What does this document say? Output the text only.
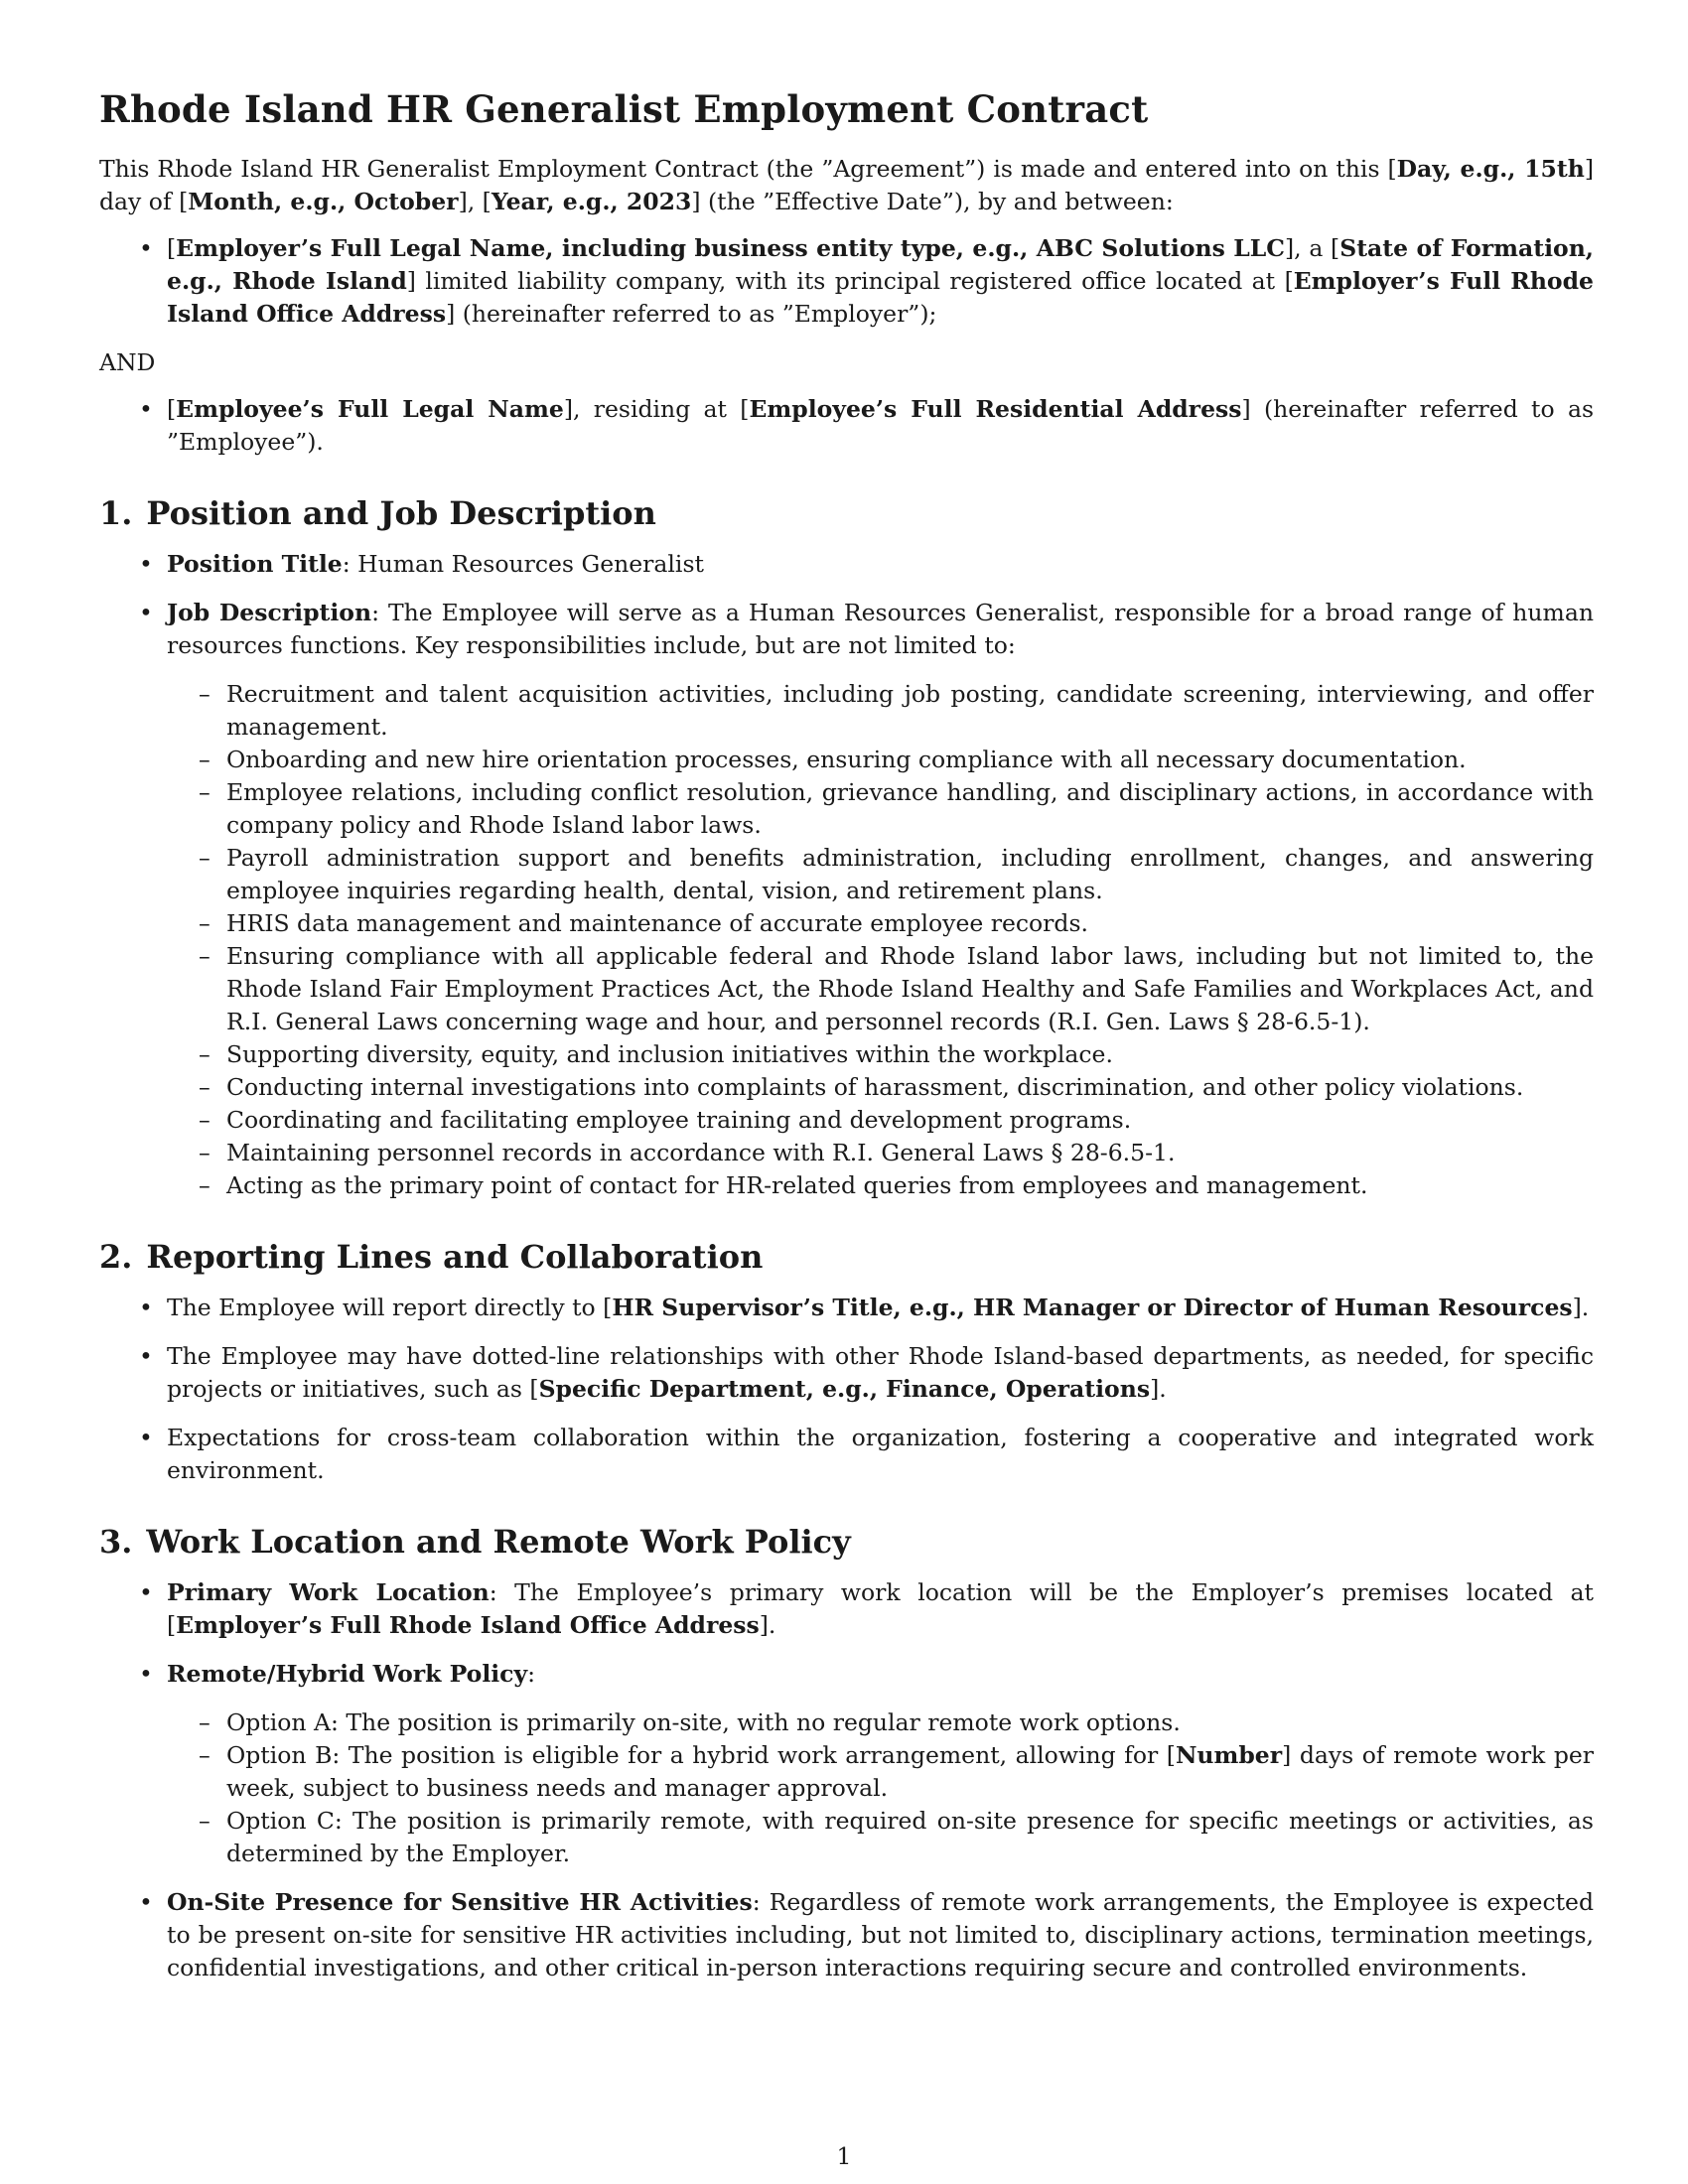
Rhode Island HR Generalist Employment Contract

This Rhode Island HR Generalist Employment Contract (the ”Agreement”) is made and entered into on this [Day, e.g., 15th] day of [Month, e.g., October], [Year, e.g., 2023] (the ”Effective Date”), by and between:

• [Employer’s Full Legal Name, including business entity type, e.g., ABC Solutions LLC], a [State of Formation, e.g., Rhode Island] limited liability company, with its principal registered office located at [Employer’s Full Rhode Island Office Address] (hereinafter referred to as ”Employer”);

AND

• [Employee’s Full Legal Name], residing at [Employee’s Full Residential Address] (hereinafter referred to as ”Employee”).
1. Position and Job Description
• Position Title: Human Resources Generalist
• Job Description: The Employee will serve as a Human Resources Generalist, responsible for a broad range of human resources functions. Key responsibilities include, but are not limited to:
– Recruitment and talent acquisition activities, including job posting, candidate screening, interviewing, and offer management.
– Onboarding and new hire orientation processes, ensuring compliance with all necessary documentation.
– Employee relations, including conflict resolution, grievance handling, and disciplinary actions, in accordance with company policy and Rhode Island labor laws.
– Payroll administration support and benefits administration, including enrollment, changes, and answering employee inquiries regarding health, dental, vision, and retirement plans.
– HRIS data management and maintenance of accurate employee records.
– Ensuring compliance with all applicable federal and Rhode Island labor laws, including but not limited to, the Rhode Island Fair Employment Practices Act, the Rhode Island Healthy and Safe Families and Workplaces Act, and R.I. General Laws concerning wage and hour, and personnel records (R.I. Gen. Laws § 28-6.5-1).
– Supporting diversity, equity, and inclusion initiatives within the workplace.
– Conducting internal investigations into complaints of harassment, discrimination, and other policy violations.
– Coordinating and facilitating employee training and development programs.
– Maintaining personnel records in accordance with R.I. General Laws § 28-6.5-1.
– Acting as the primary point of contact for HR-related queries from employees and management.
2. Reporting Lines and Collaboration
• The Employee will report directly to [HR Supervisor’s Title, e.g., HR Manager or Director of Human Resources].
• The Employee may have dotted-line relationships with other Rhode Island-based departments, as needed, for specific projects or initiatives, such as [Specific Department, e.g., Finance, Operations].
• Expectations for cross-team collaboration within the organization, fostering a cooperative and integrated work environment.
3. Work Location and Remote Work Policy
• Primary Work Location: The Employee’s primary work location will be the Employer’s premises located at [Employer’s Full Rhode Island Office Address].
• Remote/Hybrid Work Policy:
– Option A: The position is primarily on-site, with no regular remote work options.
– Option B: The position is eligible for a hybrid work arrangement, allowing for [Number] days of remote work per week, subject to business needs and manager approval.
– Option C: The position is primarily remote, with required on-site presence for specific meetings or activities, as determined by the Employer.
• On-Site Presence for Sensitive HR Activities: Regardless of remote work arrangements, the Employee is expected to be present on-site for sensitive HR activities including, but not limited to, disciplinary actions, termination meetings, confidential investigations, and other critical in-person interactions requiring secure and controlled environments.
1
